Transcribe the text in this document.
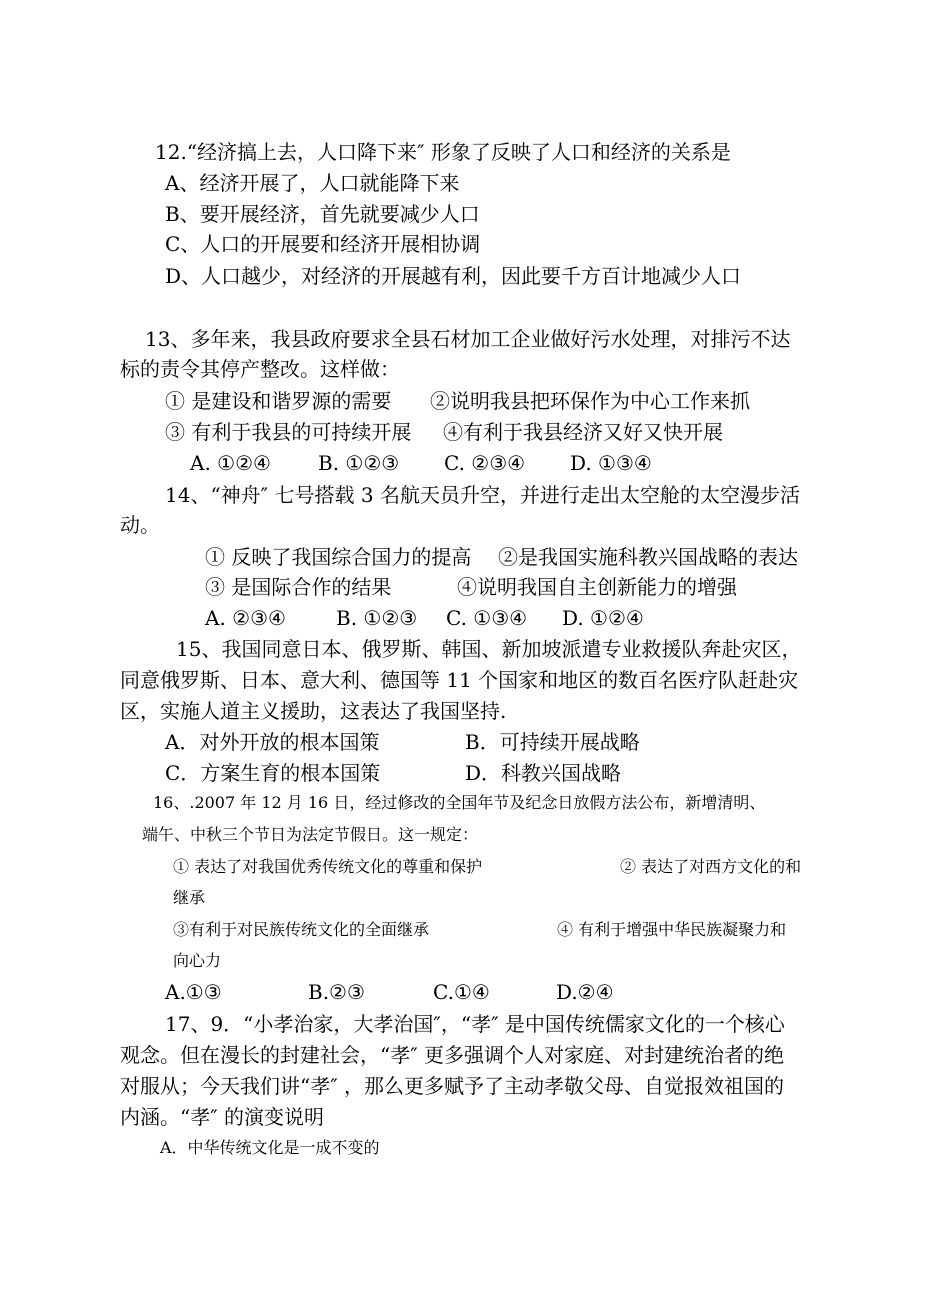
12.“经济搞上去，人口降下来″ 形象了反映了人口和经济的关系是
A、经济开展了，人口就能降下来
B、要开展经济，首先就要减少人口
C、人口的开展要和经济开展相协调
D、人口越少，对经济的开展越有利，因此要千方百计地减少人口
13、多年来，我县政府要求全县石材加工企业做好污水处理，对排污不达
标的责令其停产整改。这样做：
① 是建设和谐罗源的需要 ②说明我县把环保作为中心工作来抓
③ 有利于我县的可持续开展 ④有利于我县经济又好又快开展
A. ①②④ B. ①②③ C. ②③④ D. ①③④
14、“神舟″ 七号搭载 3 名航天员升空，并进行走出太空舱的太空漫步活
动。
① 反映了我国综合国力的提高 ②是我国实施科教兴国战略的表达
③ 是国际合作的结果	④说明我国自主创新能力的增强
A. ②③④	B. ①②③ C. ①③④ D. ①②④
15、我国同意日本、俄罗斯、韩国、新加坡派遣专业救援队奔赴灾区，
同意俄罗斯、日本、意大利、德国等 11 个国家和地区的数百名医疗队赶赴灾
区，实施人道主义援助，这表达了我国坚持.
A．对外开放的根本国策	B．可持续开展战略
C．方案生育的根本国策	D．科教兴国战略
16、.2007 年 12 月 16 日，经过修改的全国年节及纪念日放假方法公布，新增清明、
端午、中秋三个节日为法定节假日。这一规定：
① 表达了对我国优秀传统文化的尊重和保护	② 表达了对西方文化的和
继承
③有利于对民族传统文化的全面继承	④ 有利于增强中华民族凝聚力和
向心力
A.①③	B.②③	C.①④	D.②④
17、9．“小孝治家，大孝治国″，“孝″ 是中国传统儒家文化的一个核心
观念。但在漫长的封建社会，“孝″ 更多强调个人对家庭、对封建统治者的绝
对服从；今天我们讲“孝″ ，那么更多赋予了主动孝敬父母、自觉报效祖国的
内涵。“孝″ 的演变说明
A．中华传统文化是一成不变的
